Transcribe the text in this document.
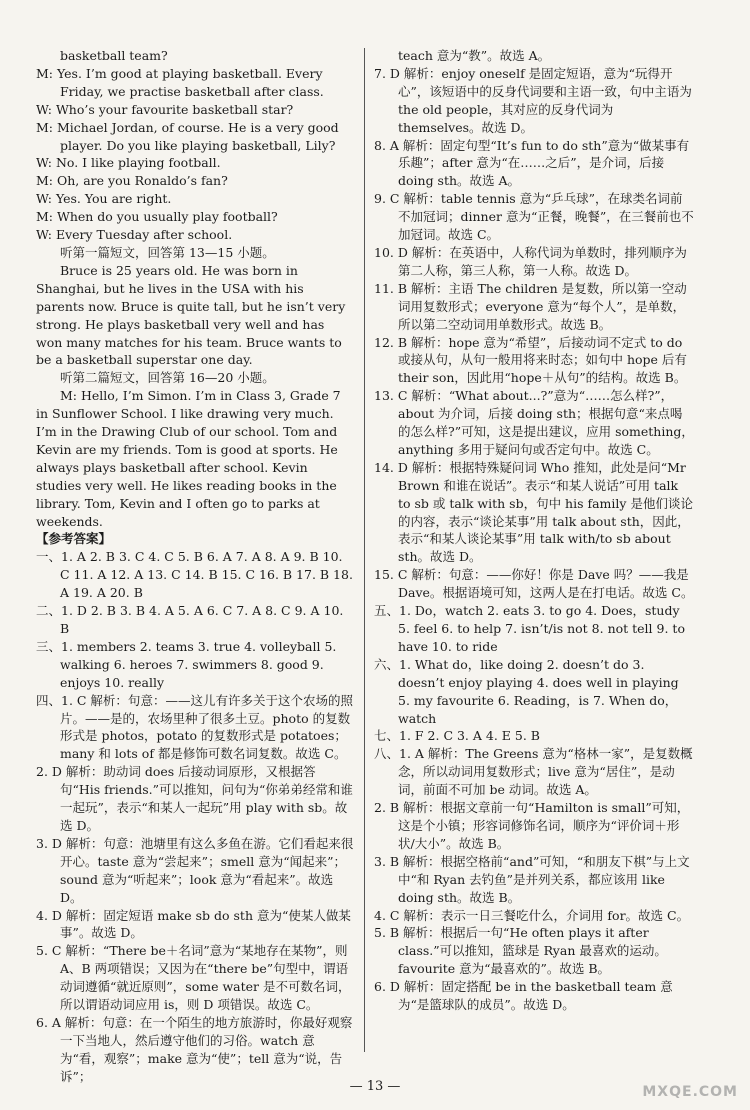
basketball team?

M: Yes. I’m good at playing basketball. Every Friday, we practise basketball after class.

W: Who’s your favourite basketball star?

M: Michael Jordan, of course. He is a very good player. Do you like playing basketball, Lily?

W: No. I like playing football.

M: Oh, are you Ronaldo’s fan?

W: Yes. You are right.

M: When do you usually play football?

W: Every Tuesday after school.

听第一篇短文，回答第 13—15 小题。

Bruce is 25 years old. He was born in Shanghai, but he lives in the USA with his parents now. Bruce is quite tall, but he isn’t very strong. He plays basketball very well and has won many matches for his team. Bruce wants to be a basketball superstar one day.

听第二篇短文，回答第 16—20 小题。

M: Hello, I’m Simon. I’m in Class 3, Grade 7 in Sunflower School. I like drawing very much. I’m in the Drawing Club of our school. Tom and Kevin are my friends. Tom is good at sports. He always plays basketball after school. Kevin studies very well. He likes reading books in the library. Tom, Kevin and I often go to parks at weekends.

【参考答案】

一、1. A 2. B 3. C 4. C 5. B 6. A 7. A 8. A 9. B 10. C 11. A 12. A 13. C 14. B 15. C 16. B 17. B 18. A 19. A 20. B

二、1. D 2. B 3. B 4. A 5. A 6. C 7. A 8. C 9. A 10. B

三、1. members 2. teams 3. true 4. volleyball 5. walking 6. heroes 7. swimmers 8. good 9. enjoys 10. really

四、1. C 解析：句意：——这儿有许多关于这个农场的照片。——是的，农场里种了很多土豆。photo 的复数形式是 photos，potato 的复数形式是 potatoes；many 和 lots of 都是修饰可数名词复数。故选 C。

2. D 解析：助动词 does 后接动词原形，又根据答句“His friends.”可以推知，问句为“你弟弟经常和谁一起玩”，表示“和某人一起玩”用 play with sb。故选 D。

3. D 解析：句意：池塘里有这么多鱼在游。它们看起来很开心。taste 意为“尝起来”；smell 意为“闻起来”；sound 意为“听起来”；look 意为“看起来”。故选 D。

4. D 解析：固定短语 make sb do sth 意为“使某人做某事”。故选 D。

5. C 解析：“There be＋名词”意为“某地存在某物”，则 A、B 两项错误；又因为在“there be”句型中，谓语动词遵循“就近原则”，some water 是不可数名词，所以谓语动词应用 is，则 D 项错误。故选 C。

6. A 解析：句意：在一个陌生的地方旅游时，你最好观察一下当地人，然后遵守他们的习俗。watch 意为“看，观察”；make 意为“使”；tell 意为“说，告诉”；

teach 意为“教”。故选 A。

7. D 解析：enjoy oneself 是固定短语，意为“玩得开心”，该短语中的反身代词要和主语一致，句中主语为 the old people，其对应的反身代词为 themselves。故选 D。

8. A 解析：固定句型“It’s fun to do sth”意为“做某事有乐趣”；after 意为“在……之后”，是介词，后接 doing sth。故选 A。

9. C 解析：table tennis 意为“乒乓球”，在球类名词前不加冠词；dinner 意为“正餐，晚餐”，在三餐前也不加冠词。故选 C。

10. D 解析：在英语中，人称代词为单数时，排列顺序为第二人称，第三人称，第一人称。故选 D。

11. B 解析：主语 The children 是复数，所以第一空动词用复数形式；everyone 意为“每个人”，是单数，所以第二空动词用单数形式。故选 B。

12. B 解析：hope 意为“希望”，后接动词不定式 to do 或接从句，从句一般用将来时态；如句中 hope 后有 their son，因此用“hope＋从句”的结构。故选 B。

13. C 解析：“What about...?”意为“……怎么样?”，about 为介词，后接 doing sth；根据句意“来点喝的怎么样?”可知，这是提出建议，应用 something，anything 多用于疑问句或否定句中。故选 C。

14. D 解析：根据特殊疑问词 Who 推知，此处是问“Mr Brown 和谁在说话”。表示“和某人说话”可用 talk to sb 或 talk with sb，句中 his family 是他们谈论的内容，表示“谈论某事”用 talk about sth，因此，表示“和某人谈论某事”用 talk with/to sb about sth。故选 D。

15. C 解析：句意：——你好！你是 Dave 吗？——我是 Dave。根据语境可知，这两人是在打电话。故选 C。

五、1. Do，watch 2. eats 3. to go 4. Does，study 5. feel 6. to help 7. isn’t/is not 8. not tell 9. to have 10. to ride

六、1. What do，like doing 2. doesn’t do 3. doesn’t enjoy playing 4. does well in playing 5. my favourite 6. Reading，is 7. When do，watch

七、1. F 2. C 3. A 4. E 5. B

八、1. A 解析：The Greens 意为“格林一家”，是复数概念，所以动词用复数形式；live 意为“居住”，是动词，前面不可加 be 动词。故选 A。

2. B 解析：根据文章前一句“Hamilton is small”可知，这是个小镇；形容词修饰名词，顺序为“评价词＋形状/大小”。故选 B。

3. B 解析：根据空格前“and”可知，“和朋友下棋”与上文中“和 Ryan 去钓鱼”是并列关系，都应该用 like doing sth。故选 B。

4. C 解析：表示一日三餐吃什么，介词用 for。故选 C。

5. B 解析：根据后一句“He often plays it after class.”可以推知，篮球是 Ryan 最喜欢的运动。favourite 意为“最喜欢的”。故选 B。

6. D 解析：固定搭配 be in the basketball team 意为“是篮球队的成员”。故选 D。

— 13 —	MXQE.COM
